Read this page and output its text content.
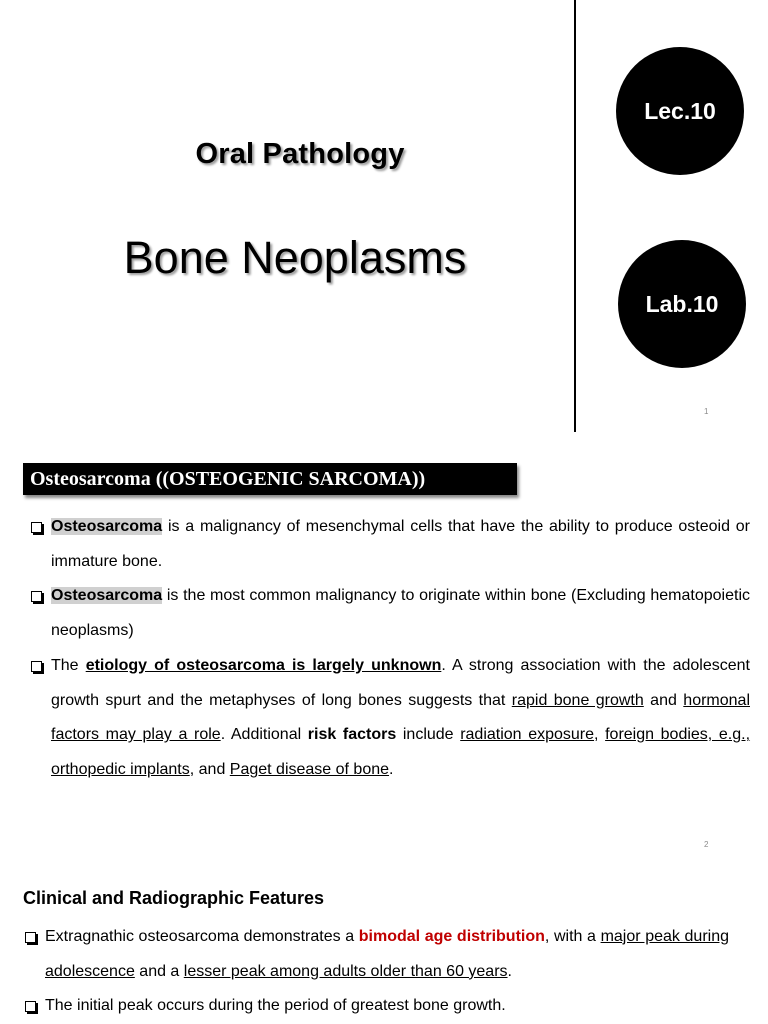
Oral Pathology
Bone Neoplasms
Lec.10
Lab.10
1
Osteosarcoma ((OSTEOGENIC SARCOMA))
Osteosarcoma is a malignancy of mesenchymal cells that have the ability to produce osteoid or immature bone.
Osteosarcoma is the most common malignancy to originate within bone (Excluding hematopoietic neoplasms)
The etiology of osteosarcoma is largely unknown. A strong association with the adolescent growth spurt and the metaphyses of long bones suggests that rapid bone growth and hormonal factors may play a role. Additional risk factors include radiation exposure, foreign bodies, e.g., orthopedic implants, and Paget disease of bone.
2
Clinical and Radiographic Features
Extragnathic osteosarcoma demonstrates a bimodal age distribution, with a major peak during adolescence and a lesser peak among adults older than 60 years.
The initial peak occurs during the period of greatest bone growth.
